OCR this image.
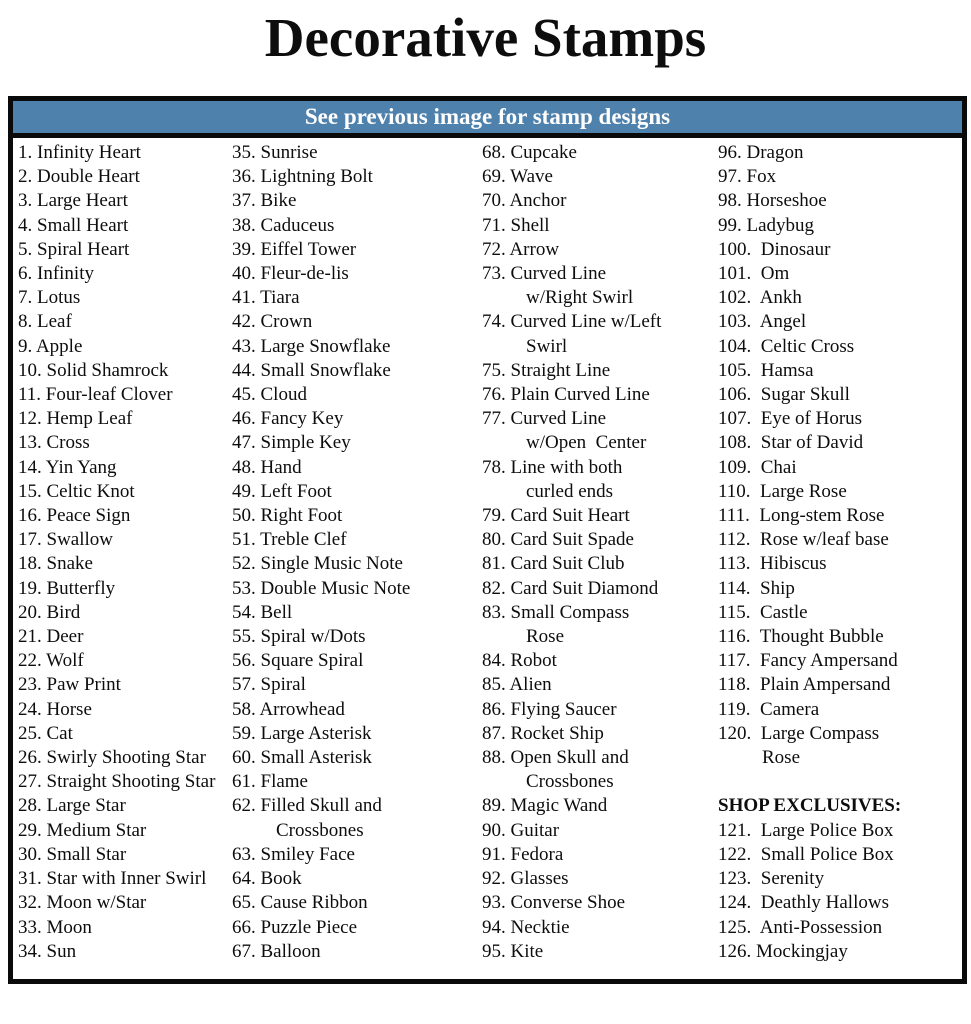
Decorative Stamps
See previous image for stamp designs
1. Infinity Heart
2. Double Heart
3. Large Heart
4. Small Heart
5. Spiral Heart
6. Infinity
7. Lotus
8. Leaf
9. Apple
10. Solid Shamrock
11. Four-leaf Clover
12. Hemp Leaf
13. Cross
14. Yin Yang
15. Celtic Knot
16. Peace Sign
17. Swallow
18. Snake
19. Butterfly
20. Bird
21. Deer
22. Wolf
23. Paw Print
24. Horse
25. Cat
26. Swirly Shooting Star
27. Straight Shooting Star
28. Large Star
29. Medium Star
30. Small Star
31. Star with Inner Swirl
32. Moon w/Star
33. Moon
34. Sun
35. Sunrise
36. Lightning Bolt
37. Bike
38. Caduceus
39. Eiffel Tower
40. Fleur-de-lis
41. Tiara
42. Crown
43. Large Snowflake
44. Small Snowflake
45. Cloud
46. Fancy Key
47. Simple Key
48. Hand
49. Left Foot
50. Right Foot
51. Treble Clef
52. Single Music Note
53. Double Music Note
54. Bell
55. Spiral w/Dots
56. Square Spiral
57. Spiral
58. Arrowhead
59. Large Asterisk
60. Small Asterisk
61. Flame
62. Filled Skull and
Crossbones
63. Smiley Face
64. Book
65. Cause Ribbon
66. Puzzle Piece
67. Balloon
68. Cupcake
69. Wave
70. Anchor
71. Shell
72. Arrow
73. Curved Line
w/Right Swirl
74. Curved Line w/Left
Swirl
75. Straight Line
76. Plain Curved Line
77. Curved Line
w/Open  Center
78. Line with both
curled ends
79. Card Suit Heart
80. Card Suit Spade
81. Card Suit Club
82. Card Suit Diamond
83. Small Compass
Rose
84. Robot
85. Alien
86. Flying Saucer
87. Rocket Ship
88. Open Skull and
Crossbones
89. Magic Wand
90. Guitar
91. Fedora
92. Glasses
93. Converse Shoe
94. Necktie
95. Kite
96. Dragon
97. Fox
98. Horseshoe
99. Ladybug
100.  Dinosaur
101.  Om
102.  Ankh
103.  Angel
104.  Celtic Cross
105.  Hamsa
106.  Sugar Skull
107.  Eye of Horus
108.  Star of David
109.  Chai
110.  Large Rose
111.  Long-stem Rose
112.  Rose w/leaf base
113.  Hibiscus
114.  Ship
115.  Castle
116.  Thought Bubble
117.  Fancy Ampersand
118.  Plain Ampersand
119.  Camera
120.  Large Compass
Rose

SHOP EXCLUSIVES:
121.  Large Police Box
122.  Small Police Box
123.  Serenity
124.  Deathly Hallows
125.  Anti-Possession
126. Mockingjay
